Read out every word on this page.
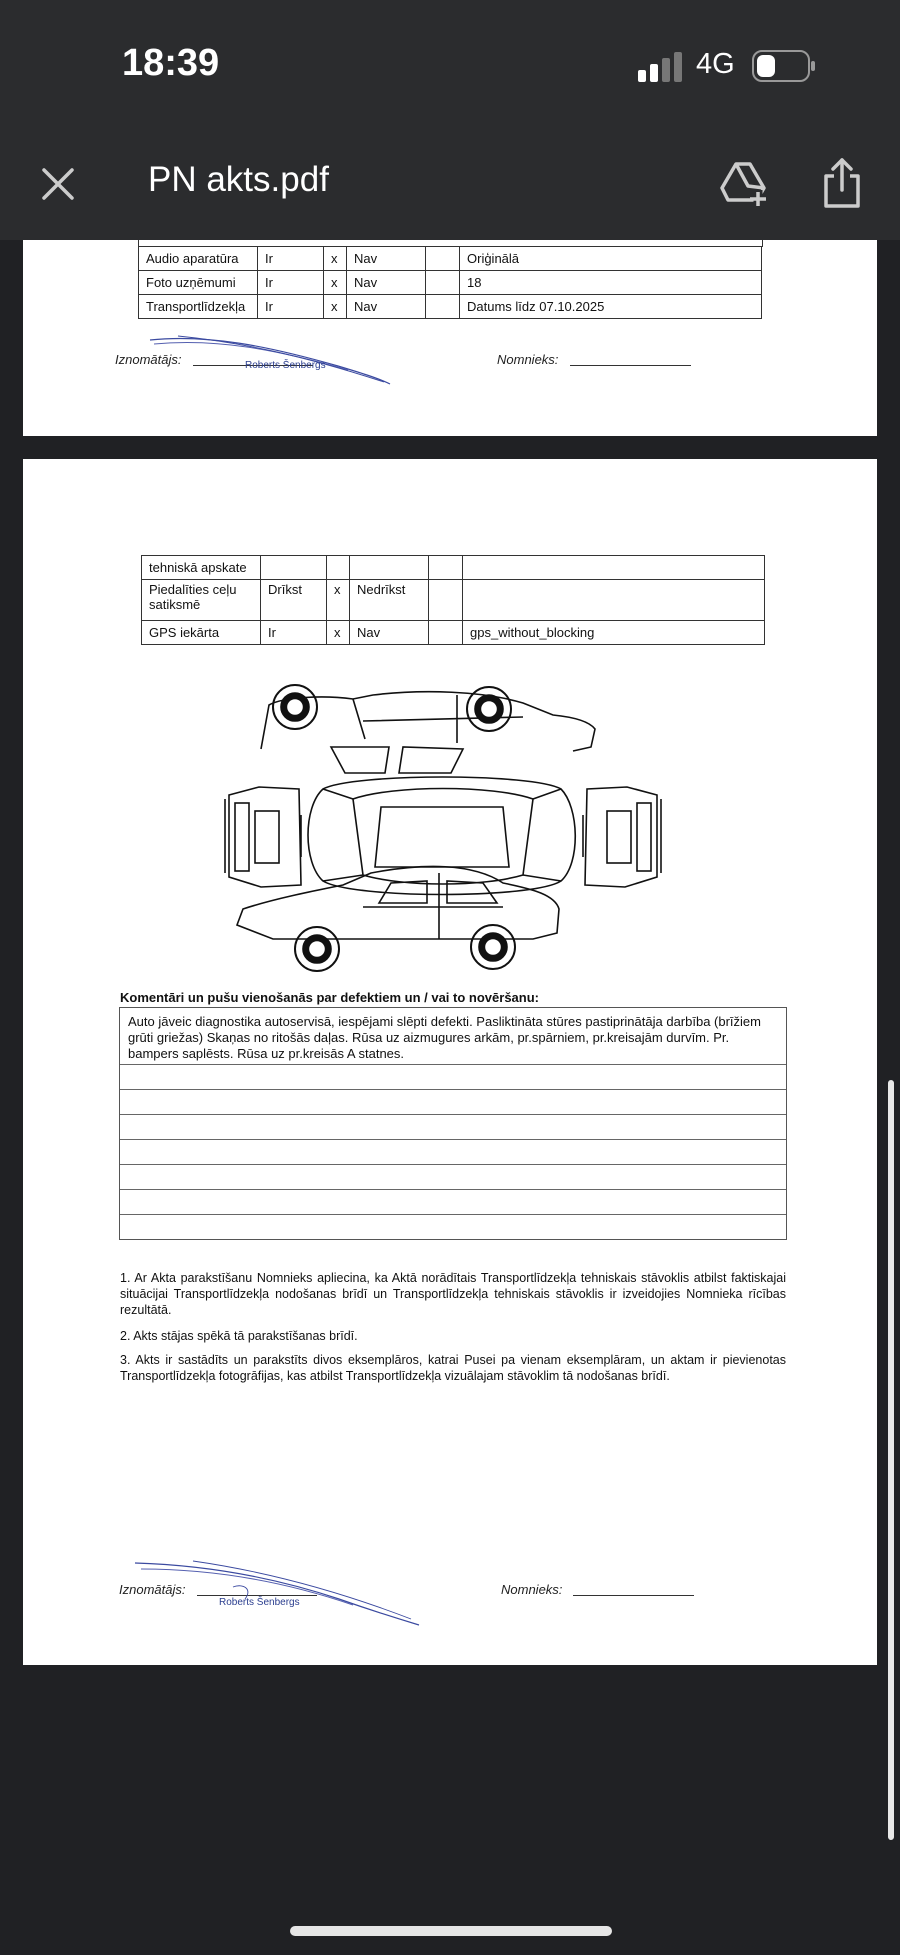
18:39	4G
PN akts.pdf
Audio aparatūra	Ir	x	Nav		Oriģinālā
Foto uzņēmumi	Ir	x	Nav		18
Transportlīdzekļa	Ir	x	Nav		Datums līdz 07.10.2025
Iznomātājs:	Roberts Šenbergs	Nomnieks:
tehniskā apskate					
Piedalīties ceļu satiksmē	Drīkst	x	Nedrīkst		
GPS iekārta	Ir	x	Nav		gps_without_blocking
Komentāri un pušu vienošanās par defektiem un / vai to novēršanu:
Auto jāveic diagnostika autoservisā, iespējami slēpti defekti. Pasliktināta stūres pastiprinātāja darbība (brīžiem grūti griežas) Skaņas no ritošās daļas. Rūsa uz aizmugures arkām, pr.spārniem, pr.kreisajām durvīm. Pr. bampers saplēsts. Rūsa uz pr.kreisās A statnes.
1. Ar Akta parakstīšanu Nomnieks apliecina, ka Aktā norādītais Transportlīdzekļa tehniskais stāvoklis atbilst faktiskajai situācijai Transportlīdzekļa nodošanas brīdī un Transportlīdzekļa tehniskais stāvoklis ir izveidojies Nomnieka rīcības rezultātā.
2. Akts stājas spēkā tā parakstīšanas brīdī.
3. Akts ir sastādīts un parakstīts divos eksemplāros, katrai Pusei pa vienam eksemplāram, un aktam ir pievienotas Transportlīdzekļa fotogrāfijas, kas atbilst Transportlīdzekļa vizuālajam stāvoklim tā nodošanas brīdī.
Iznomātājs:
Roberts Šenbergs
Nomnieks:
